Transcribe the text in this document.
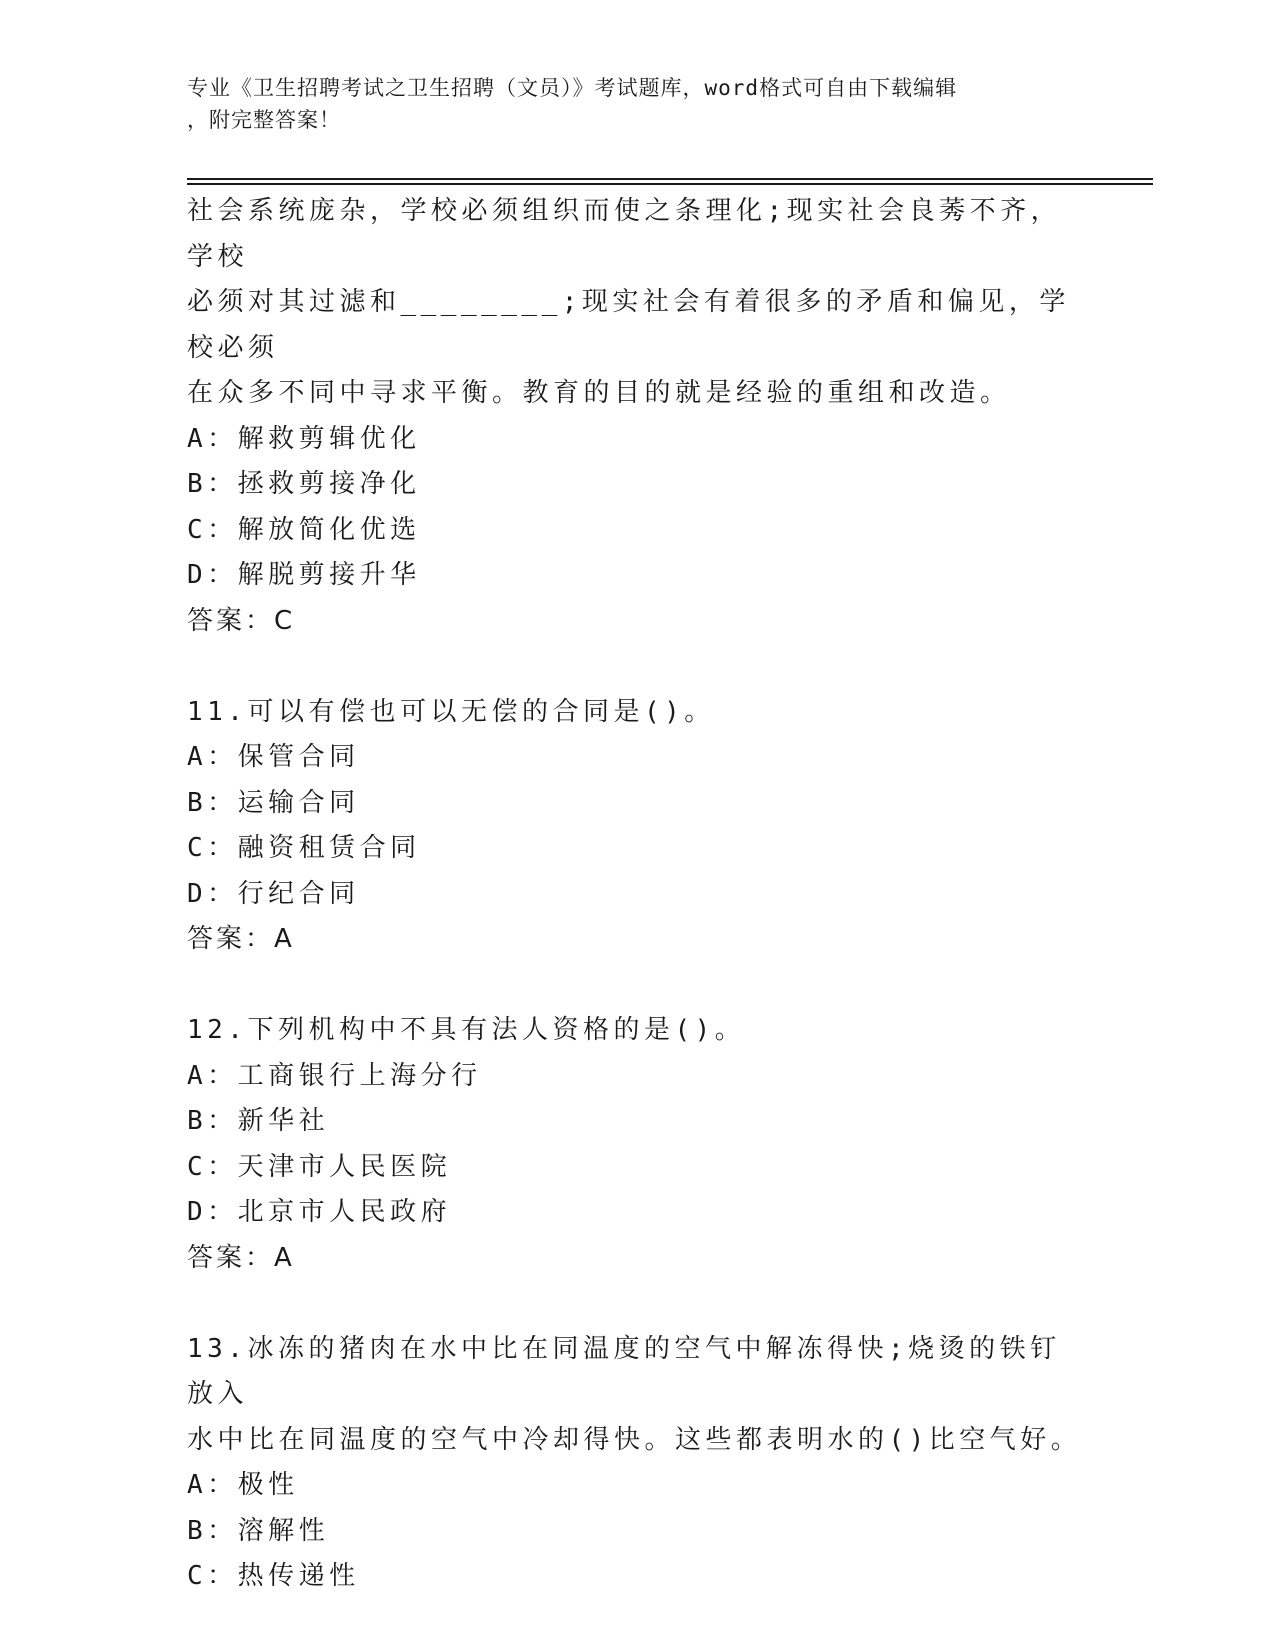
专业《卫生招聘考试之卫生招聘（文员）》考试题库，word格式可自由下载编辑
，附完整答案！

社会系统庞杂，学校必须组织而使之条理化;现实社会良莠不齐，学校

必须对其过滤和________;现实社会有着很多的矛盾和偏见，学校必须

在众多不同中寻求平衡。教育的目的就是经验的重组和改造。

A：解救剪辑优化

B：拯救剪接净化

C：解放简化优选

D：解脱剪接升华

答案：C

11.可以有偿也可以无偿的合同是()。

A：保管合同

B：运输合同

C：融资租赁合同

D：行纪合同

答案：A

12.下列机构中不具有法人资格的是()。

A：工商银行上海分行

B：新华社

C：天津市人民医院

D：北京市人民政府

答案：A

13.冰冻的猪肉在水中比在同温度的空气中解冻得快;烧烫的铁钉放入

水中比在同温度的空气中冷却得快。这些都表明水的()比空气好。

A：极性

B：溶解性

C：热传递性
